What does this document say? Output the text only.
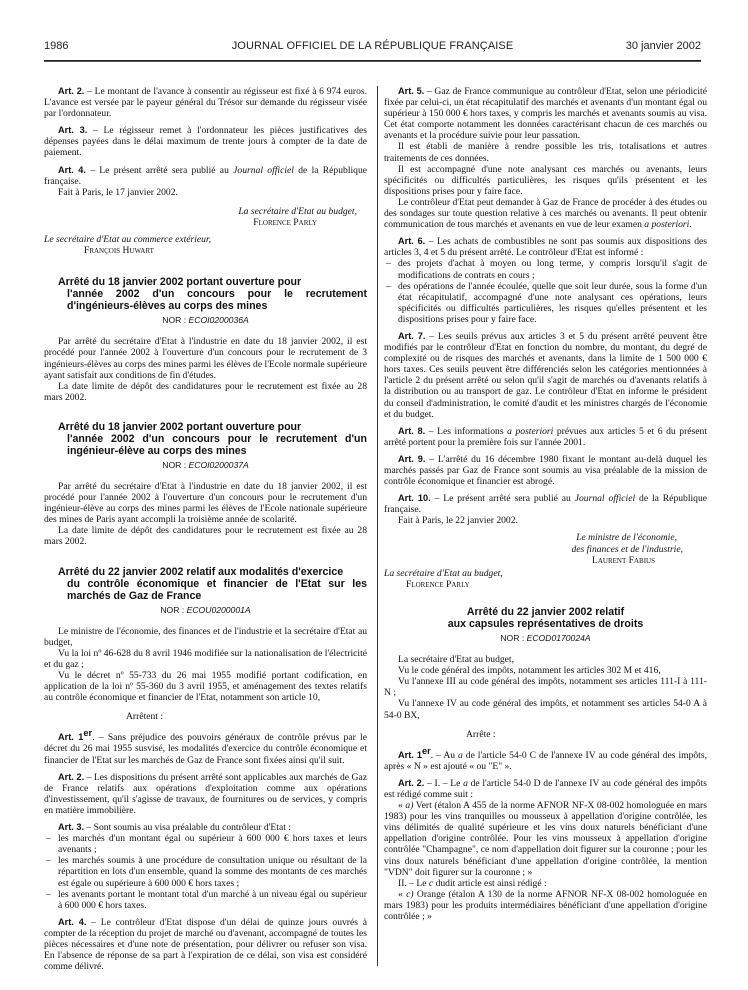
1986	JOURNAL OFFICIEL DE LA RÉPUBLIQUE FRANÇAISE	30 janvier 2002

Art. 2. – Le montant de l'avance à consentir au régisseur est fixé à 6 974 euros. L'avance est versée par le payeur général du Trésor sur demande du régisseur visée par l'ordonnateur.

Art. 3. – Le régisseur remet à l'ordonnateur les pièces justificatives des dépenses payées dans le délai maximum de trente jours à compter de la date de paiement.

Art. 4. – Le présent arrêté sera publié au Journal officiel de la République française.

Fait à Paris, le 17 janvier 2002.

La secrétaire d'Etat au budget,

Florence Parly

Le secrétaire d'Etat au commerce extérieur,

François Huwart

Arrêté du 18 janvier 2002 portant ouverture pour
l'année 2002 d'un concours pour le recrutement d'ingénieurs-élèves au corps des mines

NOR : ECOI0200036A

Par arrêté du secrétaire d'Etat à l'industrie en date du 18 janvier 2002, il est procédé pour l'année 2002 à l'ouverture d'un concours pour le recrutement de 3 ingénieurs-élèves au corps des mines parmi les élèves de l'Ecole normale supérieure ayant satisfait aux conditions de fin d'études.

La date limite de dépôt des candidatures pour le recrutement est fixée au 28 mars 2002.

Arrêté du 18 janvier 2002 portant ouverture pour
l'année 2002 d'un concours pour le recrutement d'un ingénieur-élève au corps des mines

NOR : ECOI0200037A

Par arrêté du secrétaire d'Etat à l'industrie en date du 18 janvier 2002, il est procédé pour l'année 2002 à l'ouverture d'un concours pour le recrutement d'un ingénieur-élève au corps des mines parmi les élèves de l'Ecole nationale supérieure des mines de Paris ayant accompli la troisième année de scolarité.

La date limite de dépôt des candidatures pour le recrutement est fixée au 28 mars 2002.

Arrêté du 22 janvier 2002 relatif aux modalités d'exercice
du contrôle économique et financier de l'Etat sur les marchés de Gaz de France

NOR : ECOU0200001A

Le ministre de l'économie, des finances et de l'industrie et la secrétaire d'Etat au budget,

Vu la loi nº 46-628 du 8 avril 1946 modifiée sur la nationalisation de l'électricité et du gaz ;

Vu le décret nº 55-733 du 26 mai 1955 modifié portant codification, en application de la loi nº 55-360 du 3 avril 1955, et aménagement des textes relatifs au contrôle économique et financier de l'Etat, notamment son article 10,

Arrêtent :

Art. 1er. – Sans préjudice des pouvoirs généraux de contrôle prévus par le décret du 26 mai 1955 susvisé, les modalités d'exercice du contrôle économique et financier de l'Etat sur les marchés de Gaz de France sont fixées ainsi qu'il suit.

Art. 2. – Les dispositions du présent arrêté sont applicables aux marchés de Gaz de France relatifs aux opérations d'exploitation comme aux opérations d'investissement, qu'il s'agisse de travaux, de fournitures ou de services, y compris en matière immobilière.

Art. 3. – Sont soumis au visa préalable du contrôleur d'Etat :

– les marchés d'un montant égal ou supérieur à 600 000 € hors taxes et leurs avenants ;

– les marchés soumis à une procédure de consultation unique ou résultant de la répartition en lots d'un ensemble, quand la somme des montants de ces marchés est égale ou supérieure à 600 000 € hors taxes ;

– les avenants portant le montant total d'un marché à un niveau égal ou supérieur à 600 000 € hors taxes.

Art. 4. – Le contrôleur d'Etat dispose d'un délai de quinze jours ouvrés à compter de la réception du projet de marché ou d'avenant, accompagné de toutes les pièces nécessaires et d'une note de présentation, pour délivrer ou refuser son visa. En l'absence de réponse de sa part à l'expiration de ce délai, son visa est considéré comme délivré.

Art. 5. – Gaz de France communique au contrôleur d'Etat, selon une périodicité fixée par celui-ci, un état récapitulatif des marchés et avenants d'un montant égal ou supérieur à 150 000 € hors taxes, y compris les marchés et avenants soumis au visa. Cet état comporte notamment les données caractérisant chacun de ces marchés ou avenants et la procédure suivie pour leur passation.

Il est établi de manière à rendre possible les tris, totalisations et autres traitements de ces données.

Il est accompagné d'une note analysant ces marchés ou avenants, leurs spécificités ou difficultés particulières, les risques qu'ils présentent et les dispositions prises pour y faire face.

Le contrôleur d'Etat peut demander à Gaz de France de procéder à des études ou des sondages sur toute question relative à ces marchés ou avenants. Il peut obtenir communication de tous marchés et avenants en vue de leur examen a posteriori.

Art. 6. – Les achats de combustibles ne sont pas soumis aux dispositions des articles 3, 4 et 5 du présent arrêté. Le contrôleur d'Etat est informé :

– des projets d'achat à moyen ou long terme, y compris lorsqu'il s'agit de modifications de contrats en cours ;

– des opérations de l'année écoulée, quelle que soit leur durée, sous la forme d'un état récapitulatif, accompagné d'une note analysant ces opérations, leurs spécificités ou difficultés particulières, les risques qu'elles présentent et les dispositions prises pour y faire face.

Art. 7. – Les seuils prévus aux articles 3 et 5 du présent arrêté peuvent être modifiés par le contrôleur d'Etat en fonction du nombre, du montant, du degré de complexité ou de risques des marchés et avenants, dans la limite de 1 500 000 € hors taxes. Ces seuils peuvent être différenciés selon les catégories mentionnées à l'article 2 du présent arrêté ou selon qu'il s'agit de marchés ou d'avenants relatifs à la distribution ou au transport de gaz. Le contrôleur d'Etat en informe le président du conseil d'administration, le comité d'audit et les ministres chargés de l'économie et du budget.

Art. 8. – Les informations a posteriori prévues aux articles 5 et 6 du présent arrêté portent pour la première fois sur l'année 2001.

Art. 9. – L'arrêté du 16 décembre 1980 fixant le montant au-delà duquel les marchés passés par Gaz de France sont soumis au visa préalable de la mission de contrôle économique et financier est abrogé.

Art. 10. – Le présent arrêté sera publié au Journal officiel de la République française.

Fait à Paris, le 22 janvier 2002.

Le ministre de l'économie,

des finances et de l'industrie,

Laurent Fabius

La secrétaire d'Etat au budget,

Florence Parly

Arrêté du 22 janvier 2002 relatif
aux capsules représentatives de droits

NOR : ECOD0170024A

La secrétaire d'Etat au budget,

Vu le code général des impôts, notamment les articles 302 M et 416,

Vu l'annexe III au code général des impôts, notamment ses articles 111-I à 111-N ;

Vu l'annexe IV au code général des impôts, et notamment ses articles 54-0 A à 54-0 BX,

Arrête :

Art. 1er. – Au a de l'article 54-0 C de l'annexe IV au code général des impôts, après « N » est ajouté « ou "E" ».

Art. 2. – I. – Le a de l'article 54-0 D de l'annexe IV au code général des impôts est rédigé comme suit :

« a) Vert (étalon A 455 de la norme AFNOR NF-X 08-002 homologuée en mars 1983) pour les vins tranquilles ou mousseux à appellation d'origine contrôlée, les vins délimités de qualité supérieure et les vins doux naturels bénéficiant d'une appellation d'origine contrôlée. Pour les vins mousseux à appellation d'origine contrôlée "Champagne", ce nom d'appellation doit figurer sur la couronne ; pour les vins doux naturels bénéficiant d'une appellation d'origine contrôlée, la mention "VDN" doit figurer sur la couronne ; »

II. – Le c dudit article est ainsi rédigé :

« c) Orange (étalon A 130 de la norme AFNOR NF-X 08-002 homologuée en mars 1983) pour les produits intermédiaires bénéficiant d'une appellation d'origine contrôlée ; »
